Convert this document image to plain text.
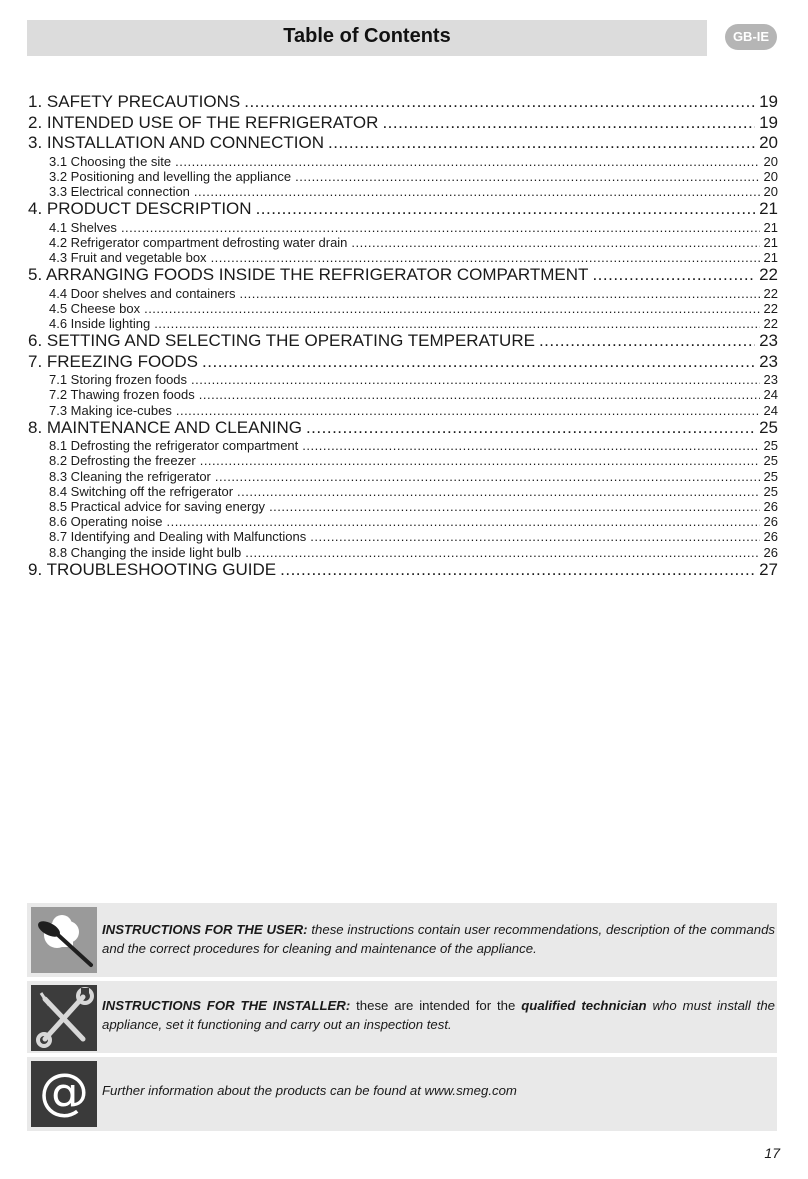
Table of Contents	GB-IE
1. SAFETY PRECAUTIONS .....	19
2. INTENDED USE OF THE REFRIGERATOR .....	19
3. INSTALLATION AND CONNECTION .....	20
3.1 Choosing the site .....	20
3.2 Positioning and levelling the appliance .....	20
3.3 Electrical connection .....	20
4. PRODUCT DESCRIPTION .....	21
4.1 Shelves .....	21
4.2 Refrigerator compartment defrosting water drain .....	21
4.3 Fruit and vegetable box .....	21
5. ARRANGING FOODS INSIDE THE REFRIGERATOR COMPARTMENT .....	22
4.4 Door shelves and containers .....	22
4.5 Cheese box .....	22
4.6 Inside lighting .....	22
6. SETTING AND SELECTING THE OPERATING TEMPERATURE .....	23
7. FREEZING FOODS .....	23
7.1 Storing frozen foods .....	23
7.2 Thawing frozen foods .....	24
7.3 Making ice-cubes .....	24
8. MAINTENANCE AND CLEANING .....	25
8.1 Defrosting the refrigerator compartment .....	25
8.2 Defrosting the freezer .....	25
8.3 Cleaning the refrigerator .....	25
8.4 Switching off the refrigerator .....	25
8.5 Practical advice for saving energy .....	26
8.6 Operating noise .....	26
8.7 Identifying and Dealing with Malfunctions .....	26
8.8 Changing the inside light bulb .....	26
9. TROUBLESHOOTING GUIDE .....	27
INSTRUCTIONS FOR THE USER: these instructions contain user recommendations, description of the commands and the correct procedures for cleaning and maintenance of the appliance.
INSTRUCTIONS FOR THE INSTALLER: these are intended for the qualified technician who must install the appliance, set it functioning and carry out an inspection test.
@ Further information about the products can be found at www.smeg.com
17
